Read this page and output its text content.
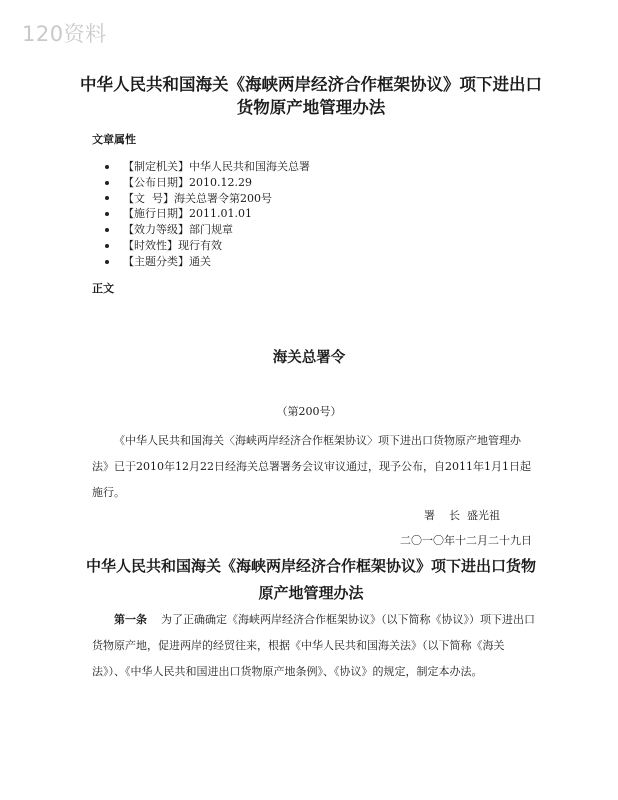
120资料
中华人民共和国海关《海峡两岸经济合作框架协议》项下进出口货物原产地管理办法
文章属性
【制定机关】中华人民共和国海关总署
【公布日期】2010.12.29
【文  号】海关总署令第200号
【施行日期】2011.01.01
【效力等级】部门规章
【时效性】现行有效
【主题分类】通关
正文
海关总署令

（第200号）

《中华人民共和国海关〈海峡两岸经济合作框架协议〉项下进出口货物原产地管理办法》已于2010年12月22日经海关总署署务会议审议通过，现予公布，自2011年1月1日起施行。

署    长  盛光祖

二〇一〇年十二月二十九日

中华人民共和国海关《海峡两岸经济合作框架协议》项下进出口货物原产地管理办法

第一条 为了正确确定《海峡两岸经济合作框架协议》（以下简称《协议》）项下进出口货物原产地，促进两岸的经贸往来，根据《中华人民共和国海关法》（以下简称《海关法》）、《中华人民共和国进出口货物原产地条例》、《协议》的规定，制定本办法。
